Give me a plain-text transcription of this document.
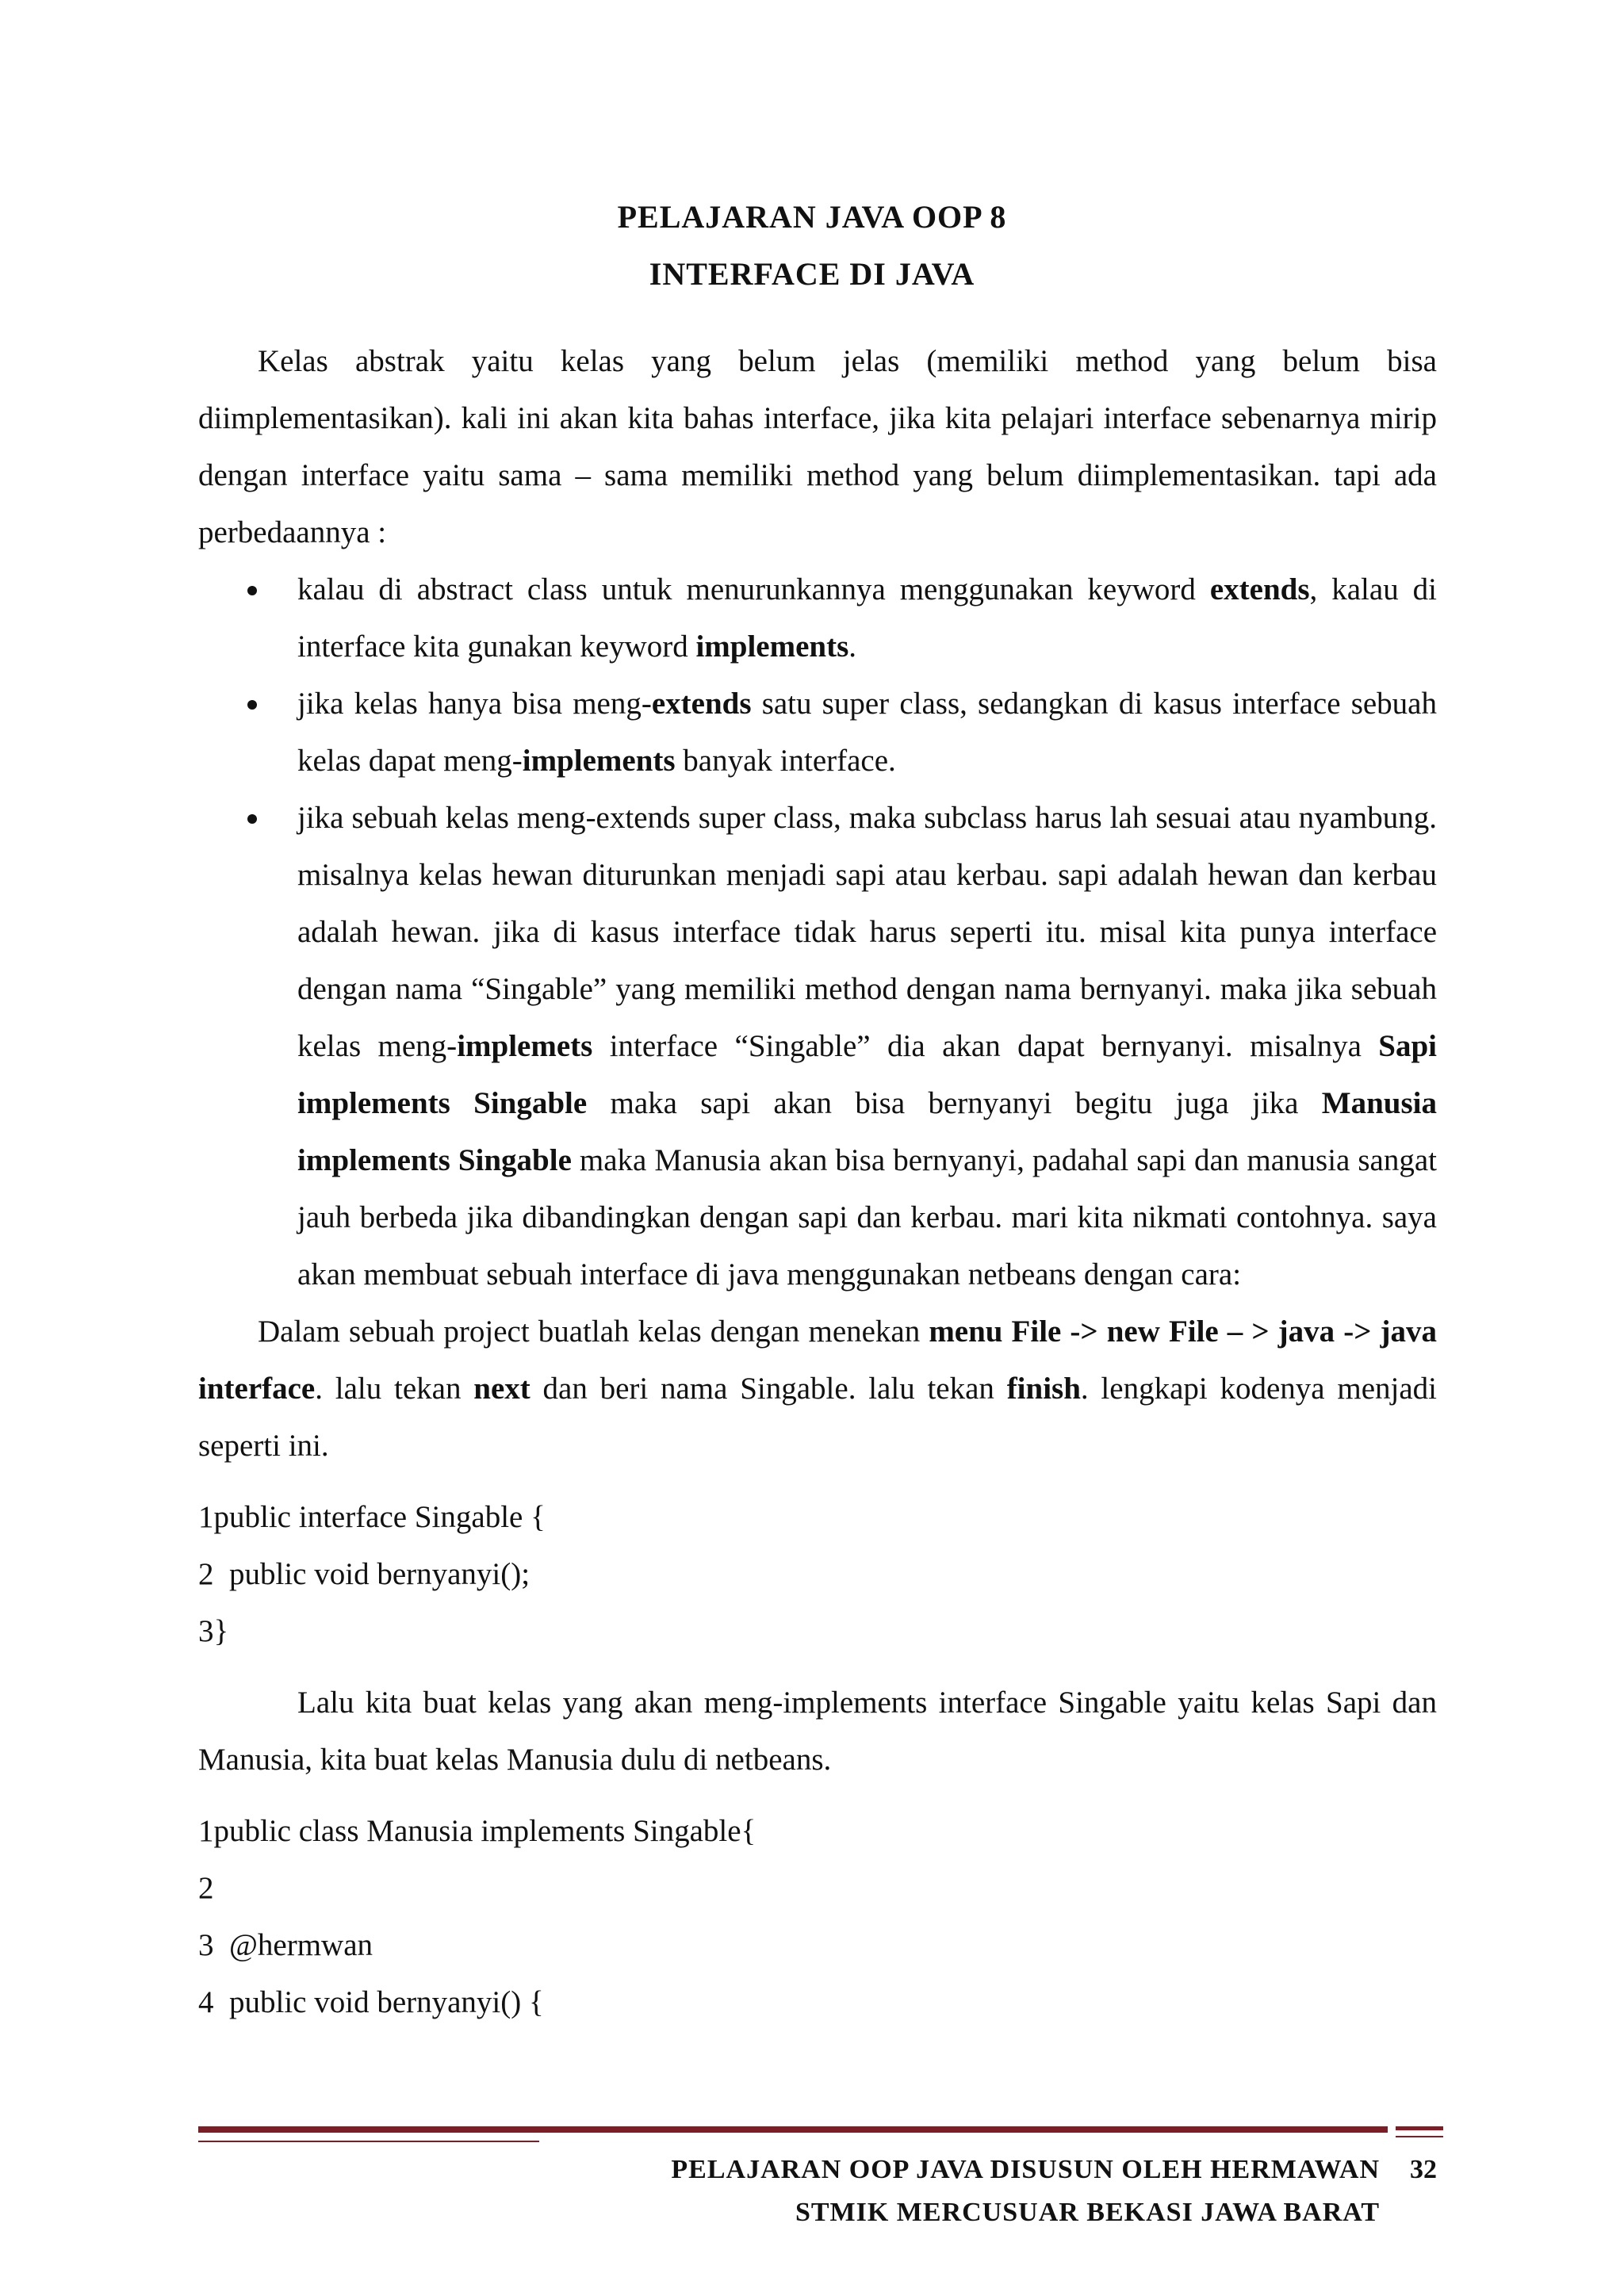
PELAJARAN JAVA OOP 8
INTERFACE DI JAVA

Kelas abstrak yaitu kelas yang belum jelas (memiliki method yang belum bisa diimplementasikan). kali ini akan kita bahas interface, jika kita pelajari interface sebenarnya mirip dengan interface yaitu sama – sama memiliki method yang belum diimplementasikan. tapi ada perbedaannya :

kalau di abstract class untuk menurunkannya menggunakan keyword extends, kalau di interface kita gunakan keyword implements.
jika kelas hanya bisa meng-extends satu super class, sedangkan di kasus interface sebuah kelas dapat meng-implements banyak interface.
jika sebuah kelas meng-extends super class, maka subclass harus lah sesuai atau nyambung. misalnya kelas hewan diturunkan menjadi sapi atau kerbau. sapi adalah hewan dan kerbau adalah hewan. jika di kasus interface tidak harus seperti itu. misal kita punya interface dengan nama “Singable” yang memiliki method dengan nama bernyanyi. maka jika sebuah kelas meng-implemets interface “Singable” dia akan dapat bernyanyi. misalnya Sapi implements Singable maka sapi akan bisa bernyanyi begitu juga jika Manusia implements Singable maka Manusia akan bisa bernyanyi, padahal sapi dan manusia sangat jauh berbeda jika dibandingkan dengan sapi dan kerbau. mari kita nikmati contohnya. saya akan membuat sebuah interface di java menggunakan netbeans dengan cara:

Dalam sebuah project buatlah kelas dengan menekan menu File -> new File – > java -> java interface. lalu tekan next dan beri nama Singable. lalu tekan finish. lengkapi kodenya menjadi seperti ini.

1public interface Singable {

2  public void bernyanyi();

3}

Lalu kita buat kelas yang akan meng-implements interface Singable yaitu kelas Sapi dan Manusia, kita buat kelas Manusia dulu di netbeans.

1public class Manusia implements Singable{

2

3  @hermwan

4  public void bernyanyi() {

PELAJARAN OOP JAVA DISUSUN OLEH HERMAWAN
STMIK MERCUSUAR BEKASI JAWA BARAT
32
